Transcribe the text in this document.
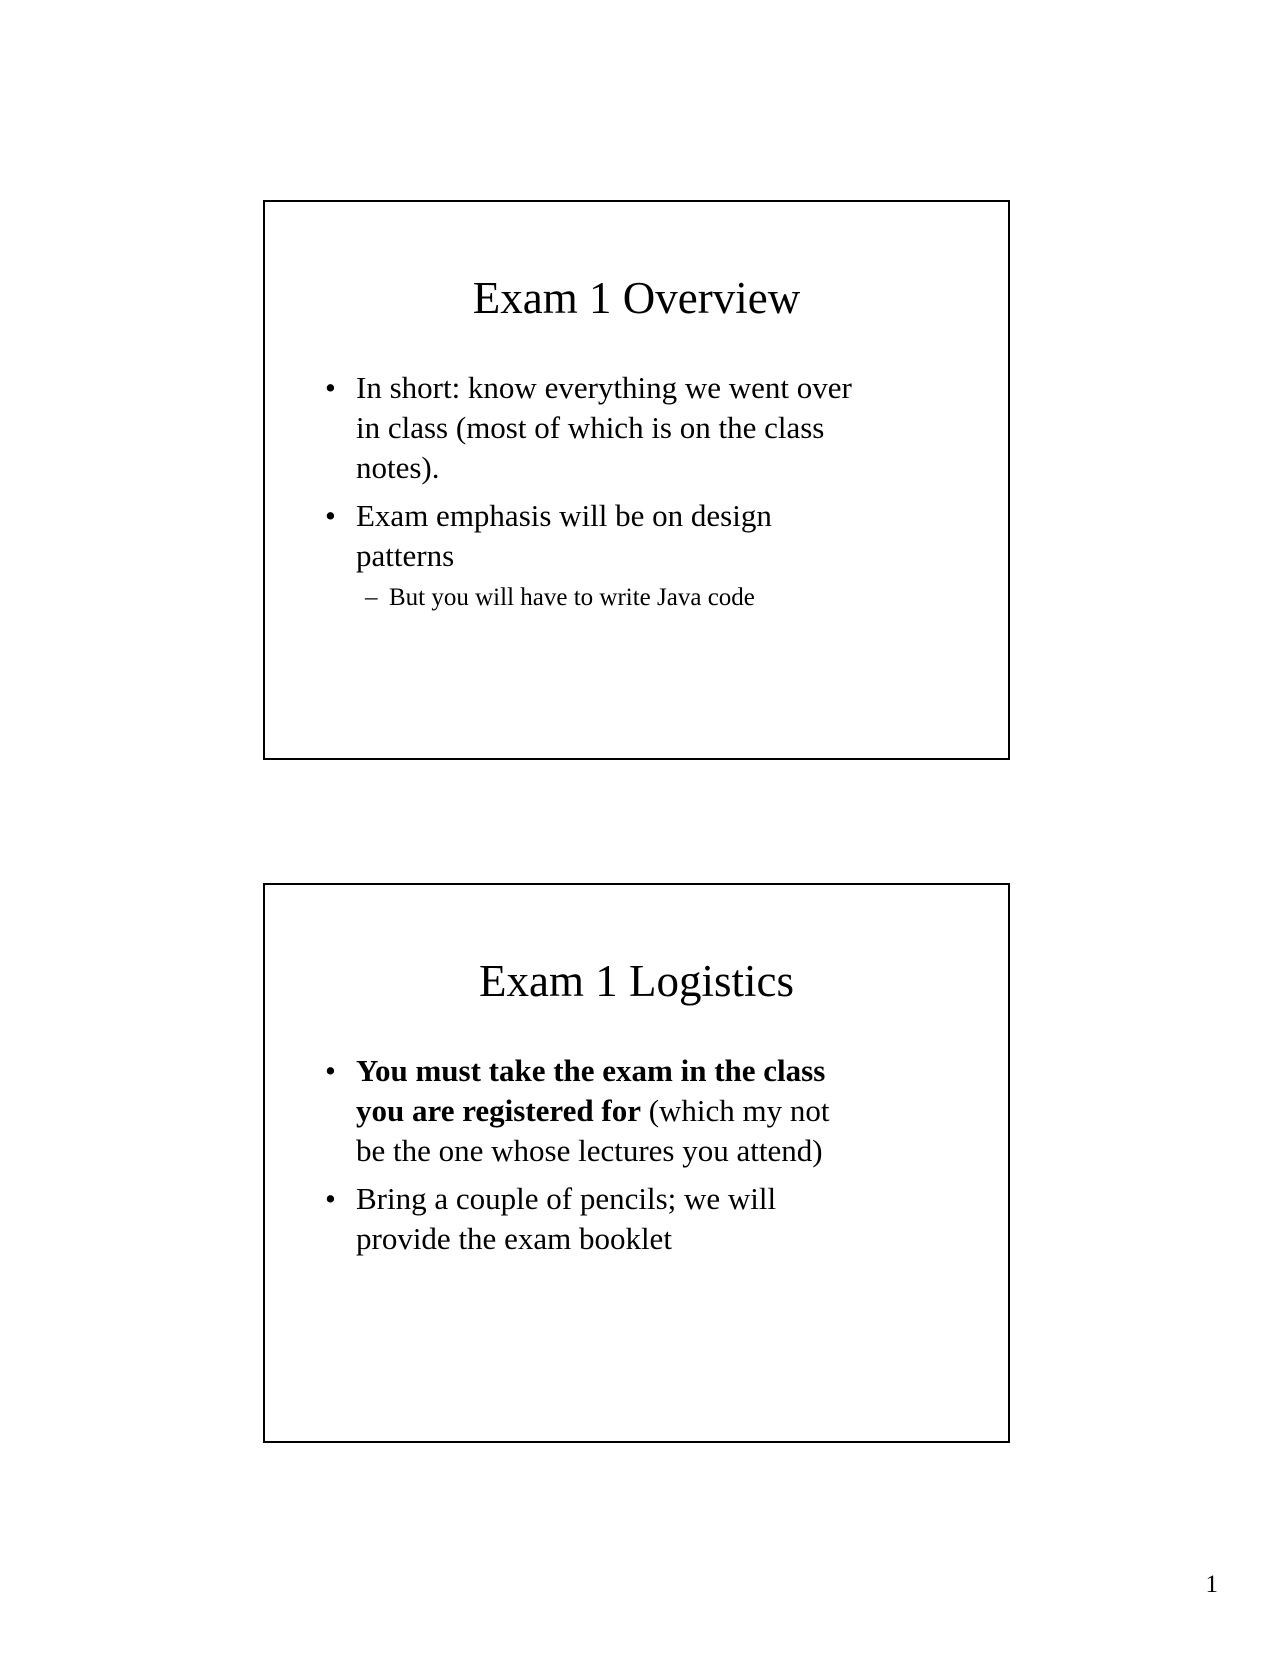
Exam 1 Overview
• In short: know everything we went over in class (most of which is on the class notes).
• Exam emphasis will be on design patterns
– But you will have to write Java code
Exam 1 Logistics
• You must take the exam in the class you are registered for (which my not be the one whose lectures you attend)
• Bring a couple of pencils; we will provide the exam booklet
1
